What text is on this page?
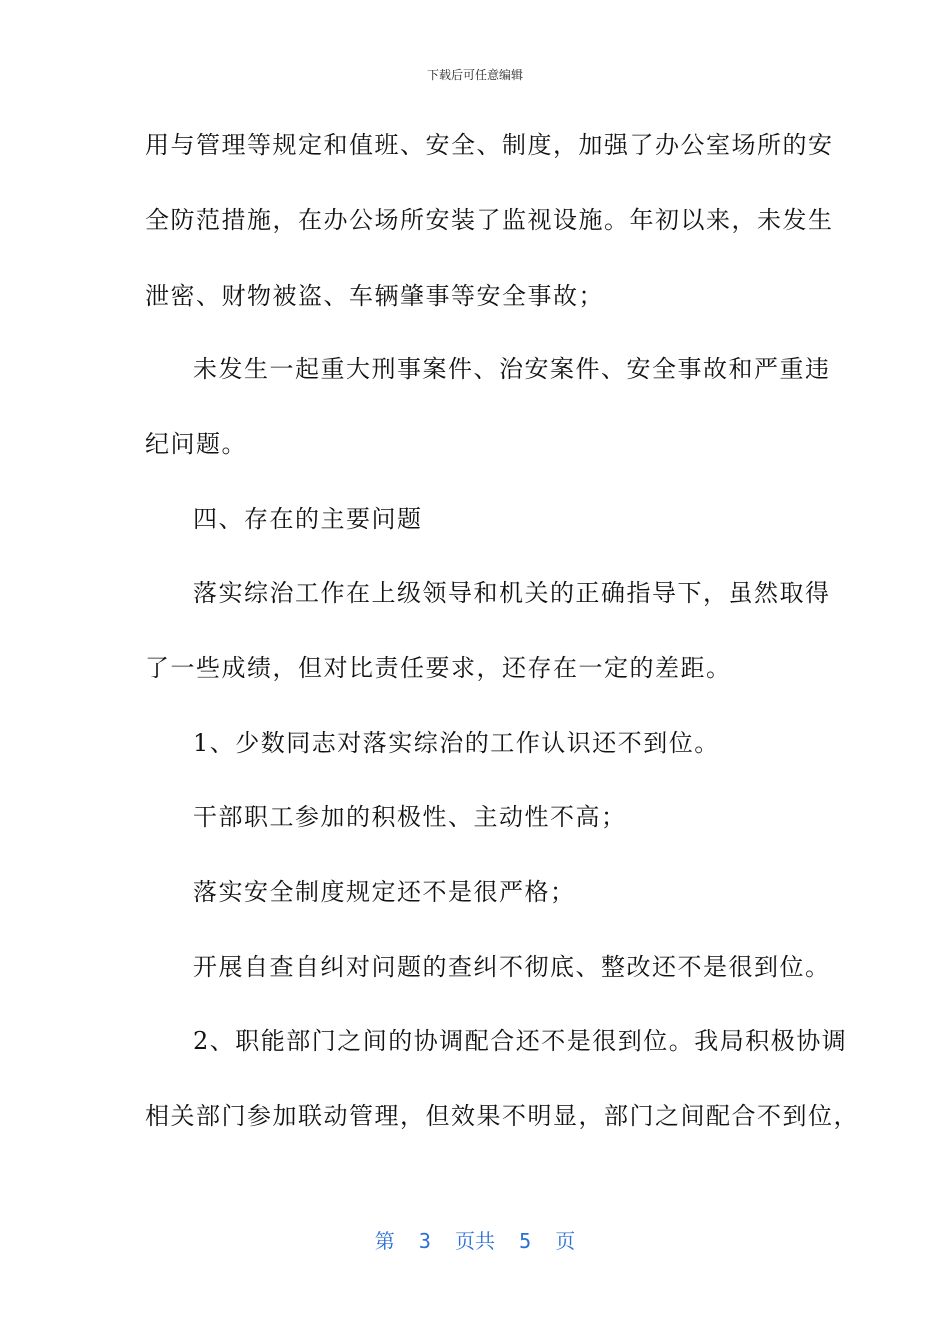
下载后可任意编辑
用与管理等规定和值班、安全、制度，加强了办公室场所的安
全防范措施，在办公场所安装了监视设施。年初以来，未发生
泄密、财物被盗、车辆肇事等安全事故；
未发生一起重大刑事案件、治安案件、安全事故和严重违
纪问题。
四、存在的主要问题
落实综治工作在上级领导和机关的正确指导下，虽然取得
了一些成绩，但对比责任要求，还存在一定的差距。
1、少数同志对落实综治的工作认识还不到位。
干部职工参加的积极性、主动性不高；
落实安全制度规定还不是很严格；
开展自查自纠对问题的查纠不彻底、整改还不是很到位。
2、职能部门之间的协调配合还不是很到位。我局积极协调
相关部门参加联动管理，但效果不明显，部门之间配合不到位，
第  3  页共  5  页
